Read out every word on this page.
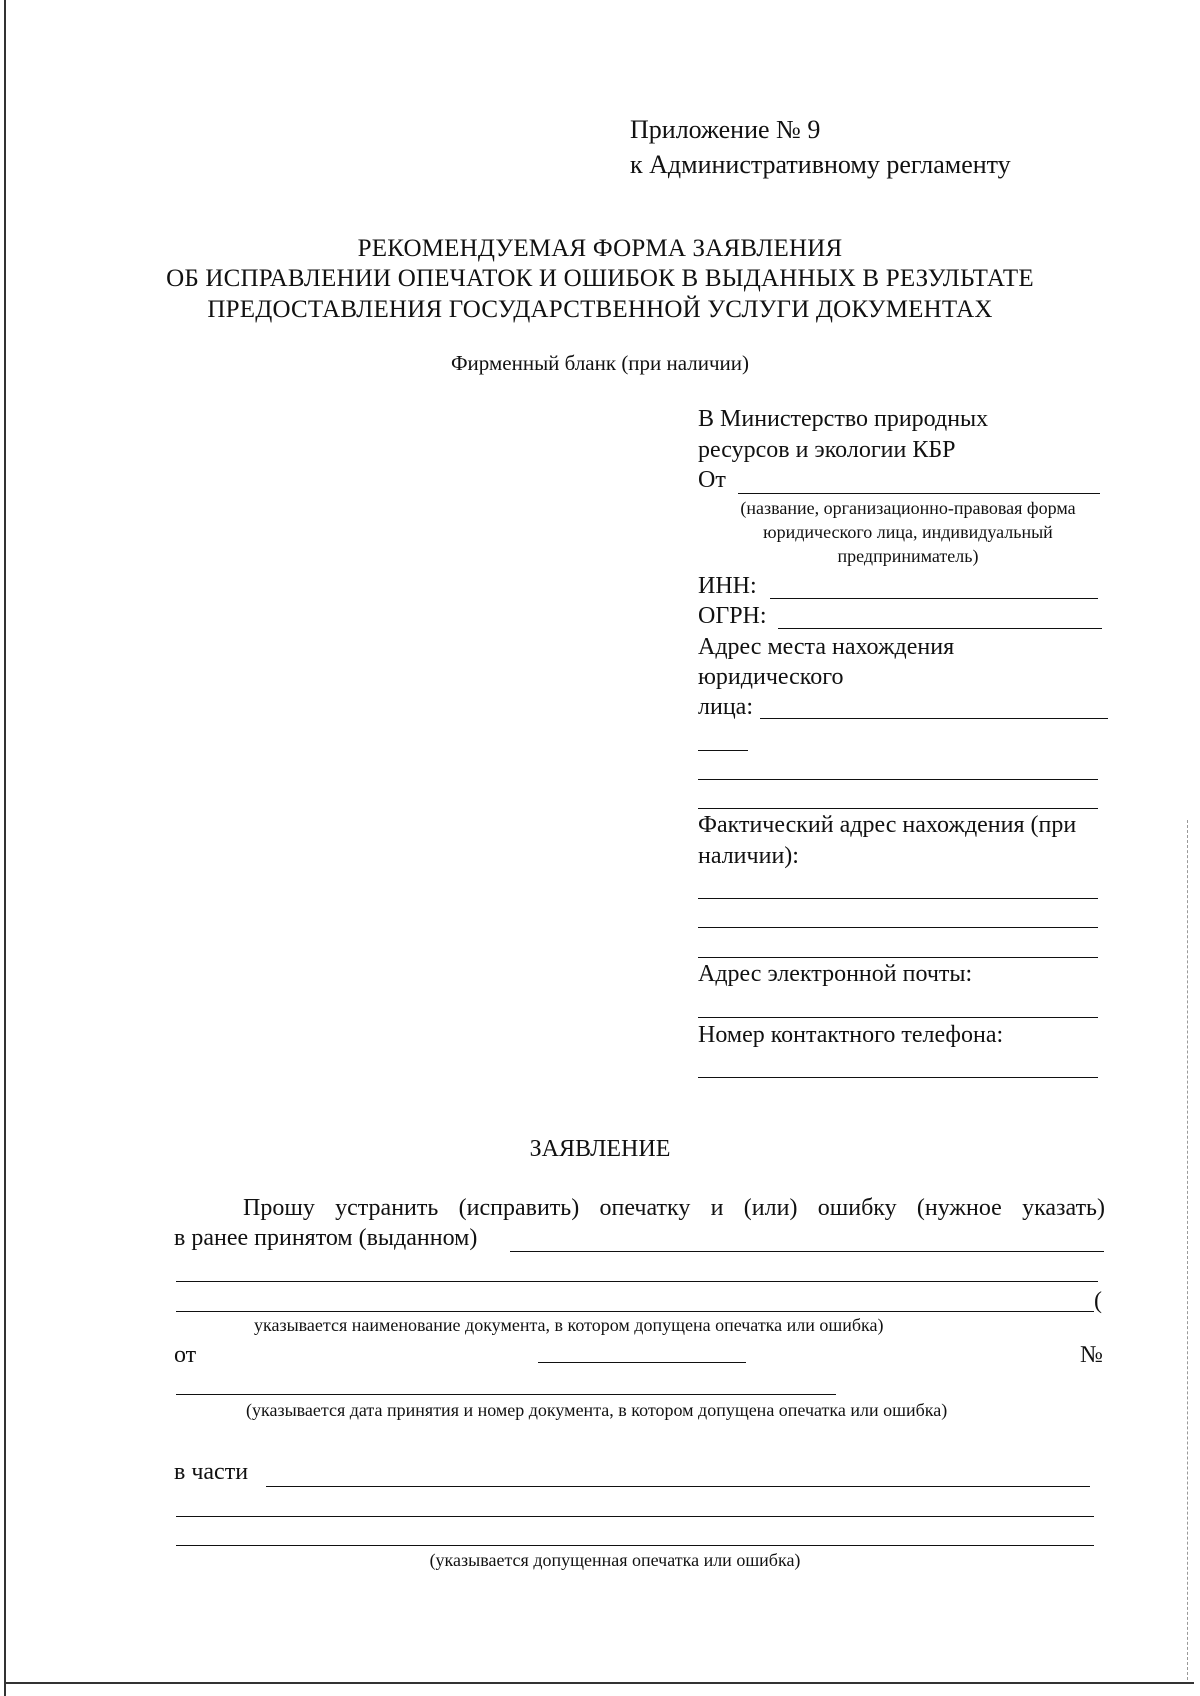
Приложение № 9
к Административному регламенту
РЕКОМЕНДУЕМАЯ ФОРМА ЗАЯВЛЕНИЯ
ОБ ИСПРАВЛЕНИИ ОПЕЧАТОК И ОШИБОК В ВЫДАННЫХ В РЕЗУЛЬТАТЕ
ПРЕДОСТАВЛЕНИЯ ГОСУДАРСТВЕННОЙ УСЛУГИ ДОКУМЕНТАХ
Фирменный бланк (при наличии)
В Министерство природных
ресурсов и экологии КБР
От
(название, организационно-правовая форма
юридического лица, индивидуальный
предприниматель)
ИНН:
ОГРН:
Адрес места нахождения
юридического
лица:
Фактический адрес нахождения (при
наличии):
Адрес электронной почты:
Номер контактного телефона:
ЗАЯВЛЕНИЕ
Прошу устранить (исправить) опечатку и (или) ошибку (нужное указать)
в ранее принятом (выданном)
(
указывается наименование документа, в котором допущена опечатка или ошибка)
от	№
(указывается дата принятия и номер документа, в котором допущена опечатка или ошибка)
в части
(указывается допущенная опечатка или ошибка)
